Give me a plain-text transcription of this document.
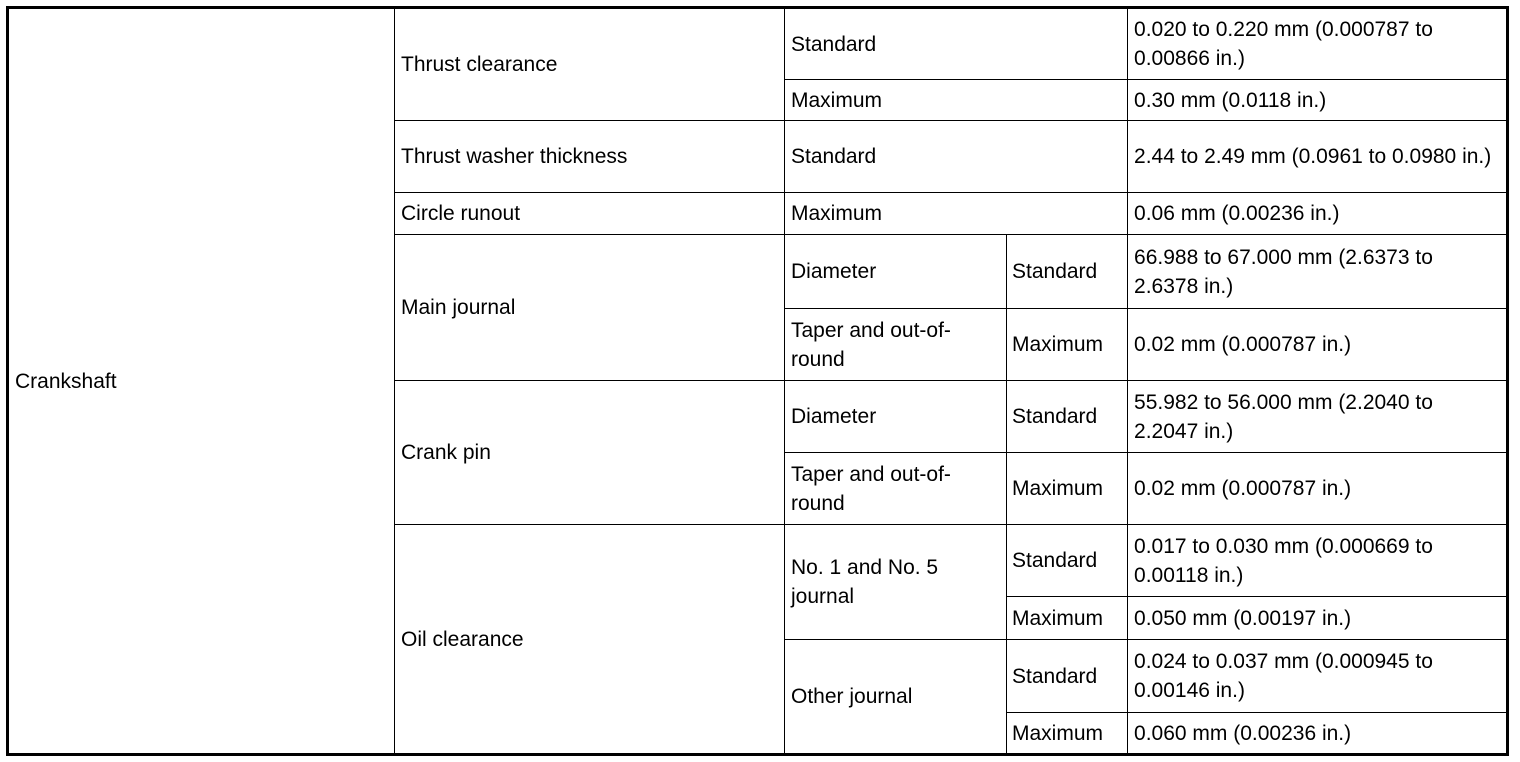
Crankshaft	Thrust clearance	Standard		0.020 to 0.220 mm (0.000787 to 0.00866 in.)
		Maximum		0.30 mm (0.0118 in.)
	Thrust washer thickness	Standard		2.44 to 2.49 mm (0.0961 to 0.0980 in.)
	Circle runout	Maximum		0.06 mm (0.00236 in.)
	Main journal	Diameter	Standard	66.988 to 67.000 mm (2.6373 to 2.6378 in.)
		Taper and out-of-round	Maximum	0.02 mm (0.000787 in.)
	Crank pin	Diameter	Standard	55.982 to 56.000 mm (2.2040 to 2.2047 in.)
		Taper and out-of-round	Maximum	0.02 mm (0.000787 in.)
	Oil clearance	No. 1 and No. 5 journal	Standard	0.017 to 0.030 mm (0.000669 to 0.00118 in.)
			Maximum	0.050 mm (0.00197 in.)
		Other journal	Standard	0.024 to 0.037 mm (0.000945 to 0.00146 in.)
			Maximum	0.060 mm (0.00236 in.)
